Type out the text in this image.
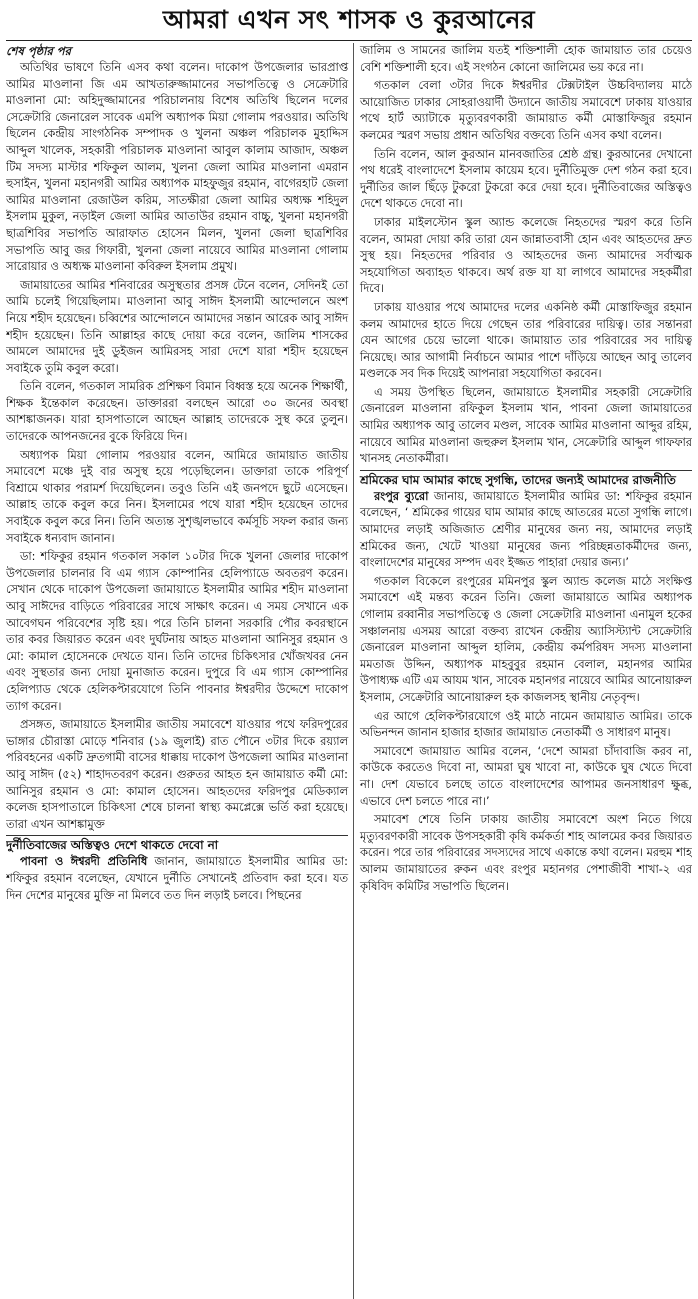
আমরা এখন সৎ শাসক ও কুরআনের

শেষ পৃষ্ঠার পর

অতিথির ভাষণে তিনি এসব কথা বলেন। দাকোপ উপজেলার ভারপ্রাপ্ত আমির মাওলানা জি এম আখতারুজ্জামানের সভাপতিত্বে ও সেক্রেটারি মাওলানা মো: অহিদুজ্জামানের পরিচালনায় বিশেষ অতিথি ছিলেন দলের সেক্রেটারি জেনারেল সাবেক এমপি অধ্যাপক মিয়া গোলাম পরওয়ার। অতিথি ছিলেন কেন্দ্রীয় সাংগঠনিক সম্পাদক ও খুলনা অঞ্চল পরিচালক মুহাদ্দিস আব্দুল খালেক, সহকারী পরিচালক মাওলানা আবুল কালাম আজাদ, অঞ্চল টিম সদস্য মাস্টার শফিকুল আলম, খুলনা জেলা আমির মাওলানা এমরান হুসাইন, খুলনা মহানগরী আমির অধ্যাপক মাহফুজুর রহমান, বাগেরহাট জেলা আমির মাওলানা রেজাউল করিম, সাতক্ষীরা জেলা আমির অধ্যক্ষ শহিদুল ইসলাম মুকুল, নড়াইল জেলা আমির আতাউর রহমান বাচ্চু, খুলনা মহানগরী ছাত্রশিবির সভাপতি আরাফাত হোসেন মিলন, খুলনা জেলা ছাত্রশিবির সভাপতি আবু জর গিফারী, খুলনা জেলা নায়েবে আমির মাওলানা গোলাম সারোয়ার ও অধ্যক্ষ মাওলানা কবিরুল ইসলাম প্রমুখ।

জামায়াতের আমির শনিবারের অসুস্থতার প্রসঙ্গ টেনে বলেন, সেদিনই তো আমি চলেই গিয়েছিলাম। মাওলানা আবু সাঈদ ইসলামী আন্দোলনে অংশ নিয়ে শহীদ হয়েছেন। চব্বিশের আন্দোলনে আমাদের সন্তান আরেক আবু সাঈদ শহীদ হয়েছেন। তিনি আল্লাহর কাছে দোয়া করে বলেন, জালিম শাসকের আমলে আমাদের দুই ডুইজন আমিরসহ সারা দেশে যারা শহীদ হয়েছেন সবাইকে তুমি কবুল করো।

তিনি বলেন, গতকাল সামরিক প্রশিক্ষণ বিমান বিধ্বস্ত হয়ে অনেক শিক্ষার্থী, শিক্ষক ইন্তেকাল করেছেন। ডাক্তাররা বলছেন আরো ৩০ জনের অবস্থা আশঙ্কাজনক। যারা হাসপাতালে আছেন আল্লাহ তাদেরকে সুস্থ করে তুলুন। তাদেরকে আপনজনের বুকে ফিরিয়ে দিন।

অধ্যাপক মিয়া গোলাম পরওয়ার বলেন, আমিরে জামায়াত জাতীয় সমাবেশে মঞ্চে দুই বার অসুস্থ হয়ে পড়েছিলেন। ডাক্তারা তাকে পরিপূর্ণ বিশ্রামে থাকার পরামর্শ দিয়েছিলেন। তবুও তিনি এই জনপদে ছুটে এসেছেন। আল্লাহ তাকে কবুল করে নিন। ইসলামের পথে যারা শহীদ হয়েছেন তাদের সবাইকে কবুল করে নিন। তিনি অত্যন্ত সুশৃঙ্খলভাবে কর্মসূচি সফল করার জন্য সবাইকে ধন্যবাদ জানান।

ডা: শফিকুর রহমান গতকাল সকাল ১০টার দিকে খুলনা জেলার দাকোপ উপজেলার চালনার বি এম গ্যাস কোম্পানির হেলিপ্যাডে অবতরণ করেন। সেখান থেকে দাকোপ উপজেলা জামায়াতে ইসলামীর আমির শহীদ মাওলানা আবু সাঈদের বাড়িতে পরিবারের সাথে সাক্ষাৎ করেন। এ সময় সেখানে এক আবেগঘন পরিবেশের সৃষ্টি হয়। পরে তিনি চালনা সরকারি পৌর কবরস্থানে তার কবর জিয়ারত করেন এবং দুর্ঘটনায় আহত মাওলানা আনিসুর রহমান ও মো: কামাল হোসেনকে দেখতে যান। তিনি তাদের চিকিৎসার খোঁজখবর নেন এবং সুস্থতার জন্য দোয়া মুনাজাত করেন। দুপুরে বি এম গ্যাস কোম্পানির হেলিপ্যাড থেকে হেলিকপ্টারযোগে তিনি পাবনার ঈশ্বরদীর উদ্দেশে দাকোপ ত্যাগ করেন।

প্রসঙ্গত, জামায়াতে ইসলামীর জাতীয় সমাবেশে যাওয়ার পথে ফরিদপুরের ভাঙ্গার চৌরাস্তা মোড়ে শনিবার (১৯ জুলাই) রাত পৌনে ৩টার দিকে রয়্যাল পরিবহনের একটি দ্রুতগামী বাসের ধাক্কায় দাকোপ উপজেলা আমির মাওলানা আবু সাঈদ (৫২) শাহাদতবরণ করেন। গুরুতর আহত হন জামায়াত কর্মী মো: আনিসুর রহমান ও মো: কামাল হোসেন। আহতদের ফরিদপুর মেডিক্যাল কলেজ হাসপাতালে চিকিৎসা শেষে চালনা স্বাস্থ্য কমপ্লেক্সে ভর্তি করা হয়েছে। তারা এখন আশঙ্কামুক্ত

দুর্নীতিবাজের অস্তিত্বও দেশে থাকতে দেবো না

পাবনা ও ঈশ্বরদী প্রতিনিধি জানান, জামায়াতে ইসলামীর আমির ডা: শফিকুর রহমান বলেছেন, যেখানে দুর্নীতি সেখানেই প্রতিবাদ করা হবে। যত দিন দেশের মানুষের মুক্তি না মিলবে তত দিন লড়াই চলবে। পিছনের

জালিম ও সামনের জালিম যতই শক্তিশালী হোক জামায়াত তার চেয়েও বেশি শক্তিশালী হবে। এই সংগঠন কোনো জালিমের ভয় করে না।

গতকাল বেলা ৩টার দিকে ঈশ্বরদীর টেক্সটাইল উচ্চবিদ্যালয় মাঠে আয়োজিত ঢাকার সোহরাওয়ার্দী উদ্যানে জাতীয় সমাবেশে ঢাকায় যাওয়ার পথে হার্ট অ্যাটাকে মৃত্যুবরণকারী জামায়াত কর্মী মোস্তাফিজুর রহমান কলমের স্মরণ সভায় প্রধান অতিথির বক্তব্যে তিনি এসব কথা বলেন।

তিনি বলেন, আল কুরআন মানবজাতির শ্রেষ্ঠ গ্রন্থ। কুরআনের দেখানো পথ ধরেই বাংলাদেশে ইসলাম কায়েম হবে। দুর্নীতিমুক্ত দেশ গঠন করা হবে। দুর্নীতির জাল ছিঁড়ে টুকরো টুকরো করে দেয়া হবে। দুর্নীতিবাজের অস্তিত্বও দেশে থাকতে দেবো না।

ঢাকার মাইলস্টোন স্কুল অ্যান্ড কলেজে নিহতদের স্মরণ করে তিনি বলেন, আমরা দোয়া করি তারা যেন জান্নাতবাসী হোন এবং আহতদের দ্রুত সুস্থ হয়। নিহতদের পরিবার ও আহতদের জন্য আমাদের সর্বাত্মক সহযোগিতা অব্যাহত থাকবে। অর্থ রক্ত যা যা লাগবে আমাদের সহকর্মীরা দিবে।

ঢাকায় যাওয়ার পথে আমাদের দলের একনিষ্ঠ কর্মী মোস্তাফিজুর রহমান কলম আমাদের হাতে দিয়ে গেছেন তার পরিবারের দায়িত্ব। তার সন্তানরা যেন আগের চেয়ে ভালো থাকে। জামায়াত তার পরিবারের সব দায়িত্ব নিয়েছে। আর আগামী নির্বাচনে আমার পাশে দাঁড়িয়ে আছেন আবু তালেব মণ্ডলকে সব দিক দিয়েই আপনারা সহযোগিতা করবেন।

এ সময় উপস্থিত ছিলেন, জামায়াতে ইসলামীর সহকারী সেক্রেটারি জেনারেল মাওলানা রফিকুল ইসলাম খান, পাবনা জেলা জামায়াতের আমির অধ্যাপক আবু তালেব মণ্ডল, সাবেক আমির মাওলানা আব্দুর রহিম, নায়েবে আমির মাওলানা জহুরুল ইসলাম খান, সেক্রেটারি আব্দুল গাফফার খানসহ নেতাকর্মীরা।

শ্রমিকের ঘাম আমার কাছে সুগন্ধি, তাদের জন্যই আমাদের রাজনীতি

রংপুর ব্যুরো জানায়, জামায়াতে ইসলামীর আমির ডা: শফিকুর রহমান বলেছেন, ‘ শ্রমিকের গায়ের ঘাম আমার কাছে আতরের মতো সুগন্ধি লাগে। আমাদের লড়াই অজিজাত শ্রেণীর মানুষের জন্য নয়, আমাদের লড়াই শ্রমিকের জন্য, খেটে খাওয়া মানুষের জন্য পরিচ্ছন্নতাকর্মীদের জন্য, বাংলাদেশের মানুষের সম্পদ এবং ইজ্জত পাহারা দেয়ার জন্য।’

গতকাল বিকেলে রংপুরের মমিনপুর স্কুল অ্যান্ড কলেজ মাঠে সংক্ষিপ্ত সমাবেশে এই মন্তব্য করেন তিনি। জেলা জামায়াতে আমির অধ্যাপক গোলাম রব্বানীর সভাপতিত্বে ও জেলা সেক্রেটারি মাওলানা এনামুল হকের সঞ্চালনায় এসময় আরো বক্তব্য রাখেন কেন্দ্রীয় অ্যাসিস্ট্যান্ট সেক্রেটারি জেনারেল মাওলানা আব্দুল হালিম, কেন্দ্রীয় কর্মপরিষদ সদস্য মাওলানা মমতাজ উদ্দিন, অধ্যাপক মাহবুবুর রহমান বেলাল, মহানগর আমির উপাধ্যক্ষ এটি এম আযম খান, সাবেক মহানগর নায়েবে আমির আনোয়ারুল ইসলাম, সেক্রেটারি আনোয়ারুল হক কাজলসহ স্থানীয় নেতৃবৃন্দ।

এর আগে হেলিকপ্টারযোগে ওই মাঠে নামেন জামায়াত আমির। তাকে অভিনন্দন জানান হাজার হাজার জামায়াত নেতাকর্মী ও সাধারণ মানুষ।

সমাবেশে জামায়াত আমির বলেন, ‘দেশে আমরা চাঁদাবাজি করব না, কাউকে করতেও দিবো না, আমরা ঘুষ খাবো না, কাউকে ঘুষ খেতে দিবো না। দেশ যেভাবে চলছে তাতে বাংলাদেশের আপামর জনসাধারণ ক্ষুব্ধ, এভাবে দেশ চলতে পারে না।’

সমাবেশ শেষে তিনি ঢাকায় জাতীয় সমাবেশে অংশ নিতে গিয়ে মৃত্যুবরণকারী সাবেক উপসহকারী কৃষি কর্মকর্তা শাহ আলমের কবর জিয়ারত করেন। পরে তার পরিবারের সদস্যদের সাথে একান্তে কথা বলেন। মরহুম শাহ আলম জামায়াতের রুকন এবং রংপুর মহানগর পেশাজীবী শাখা-২ এর কৃষিবিদ কমিটির সভাপতি ছিলেন।
